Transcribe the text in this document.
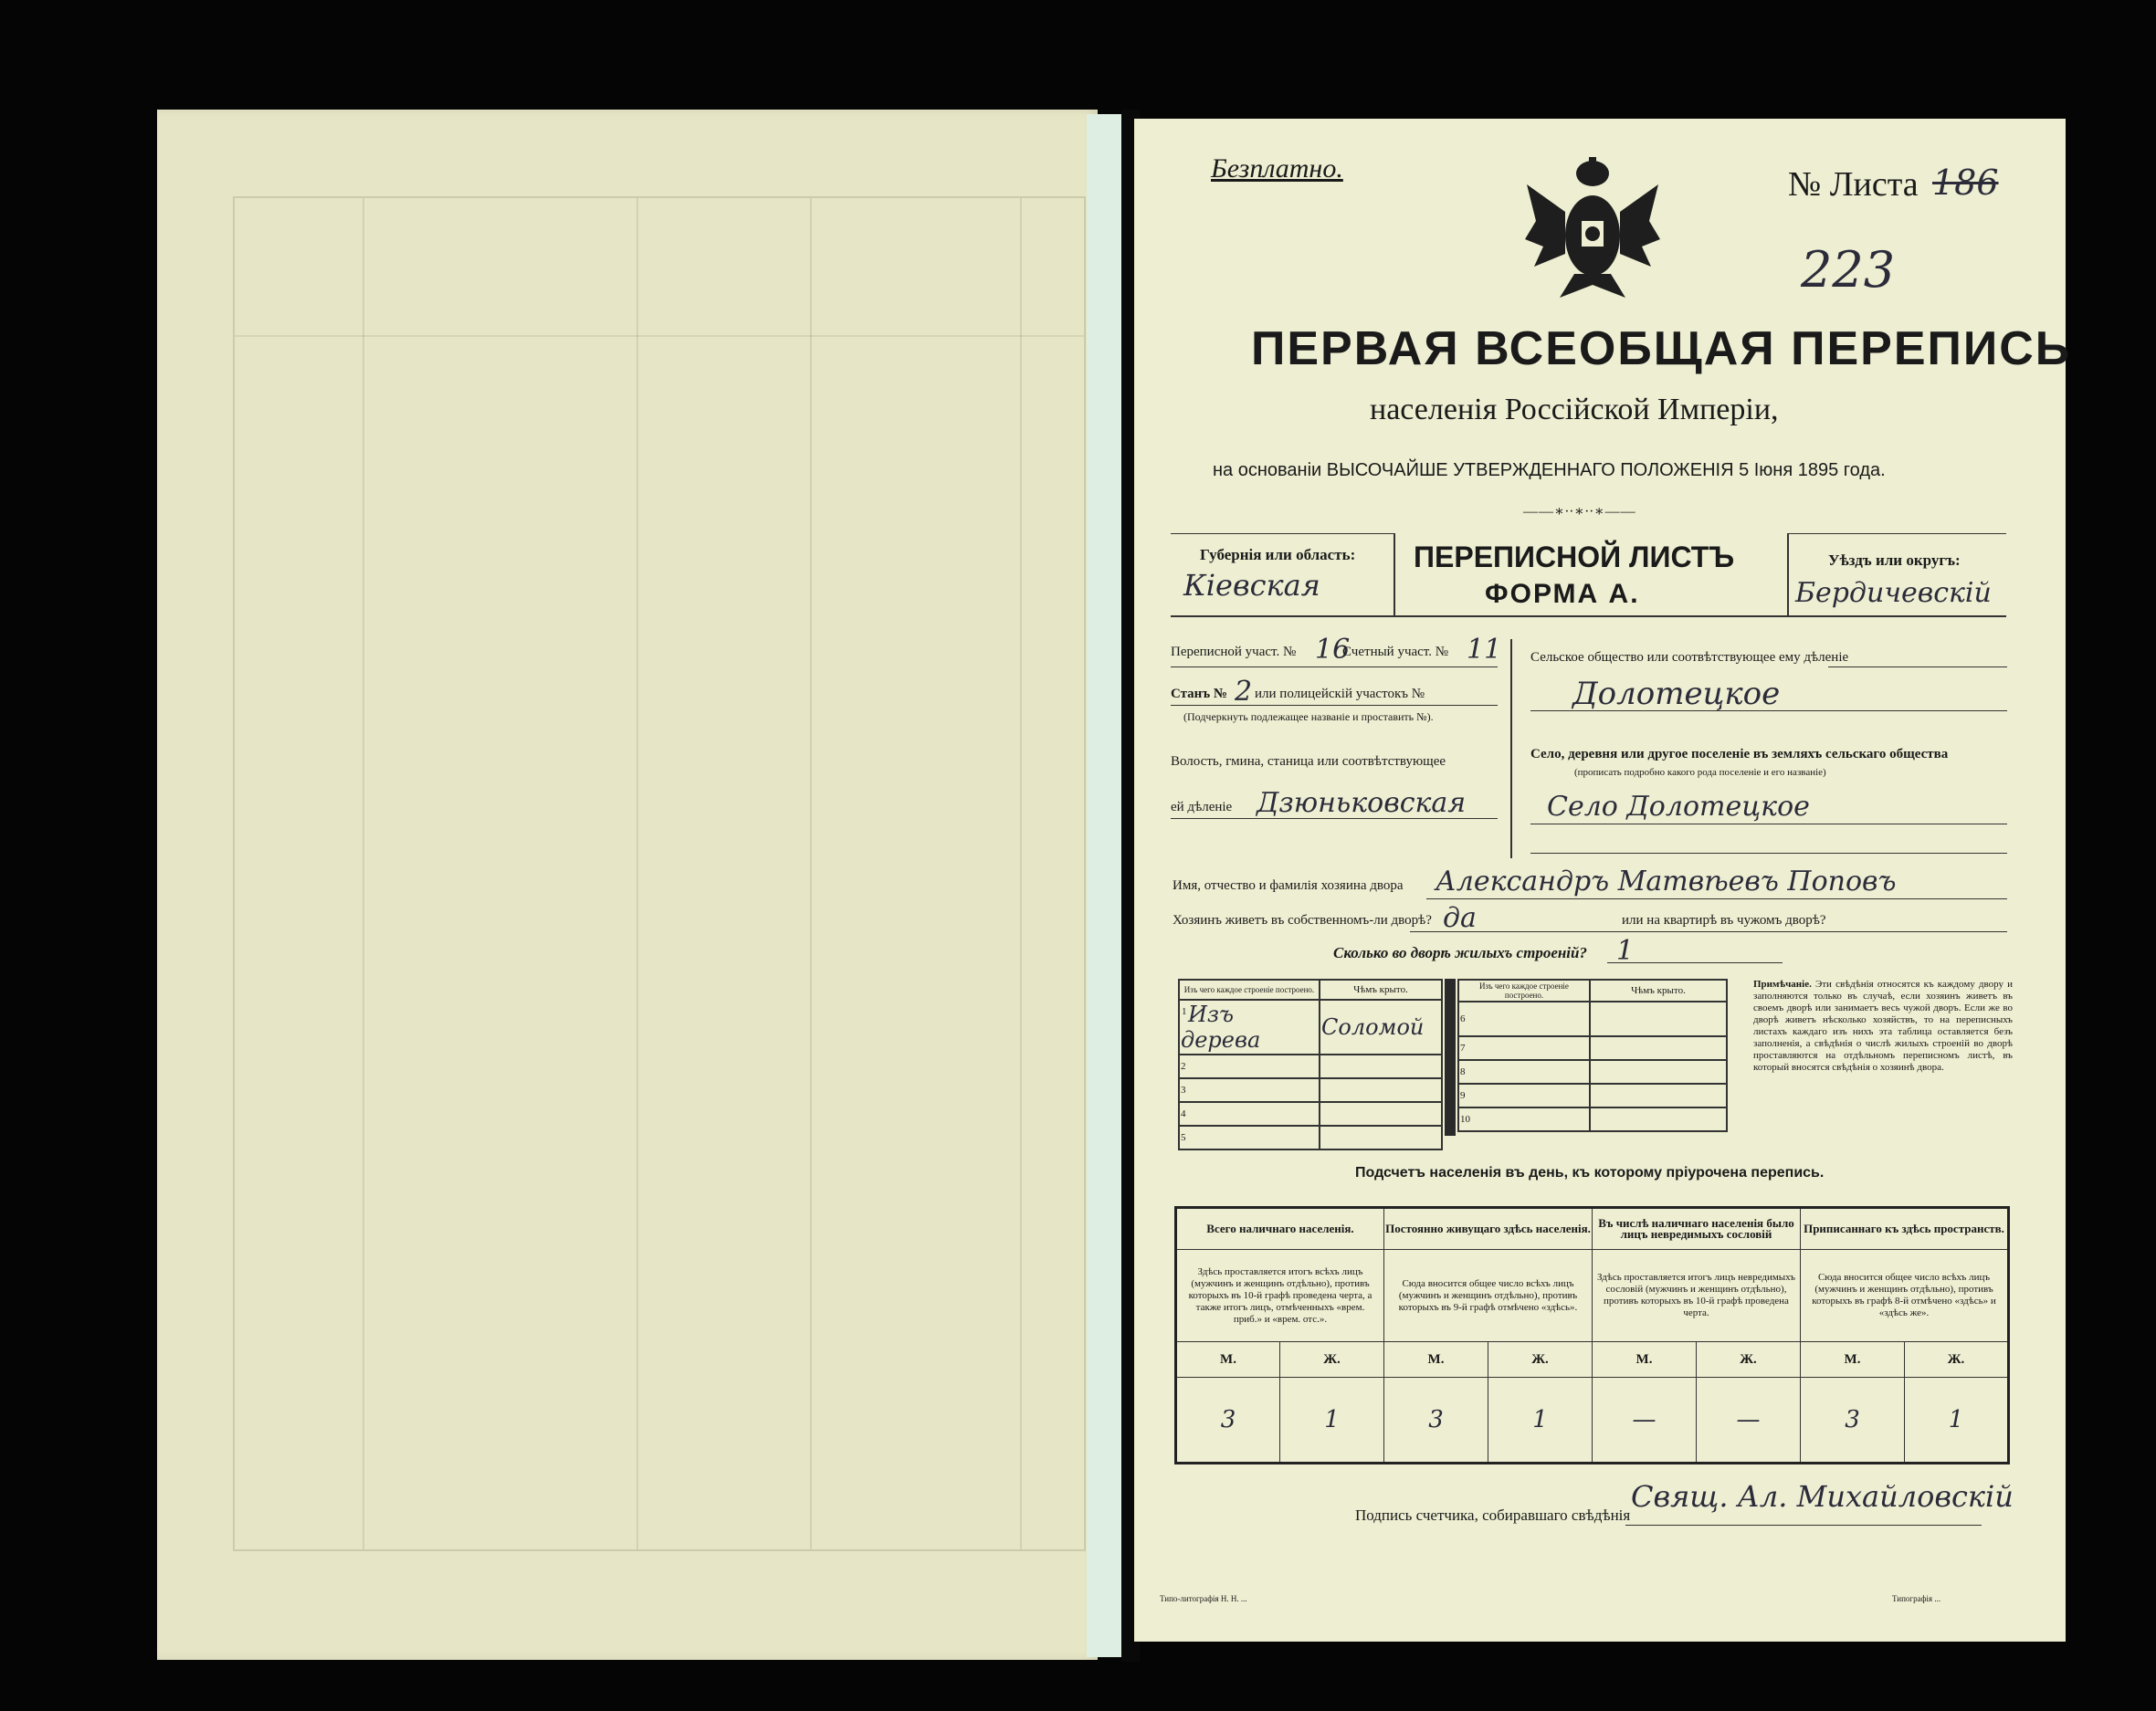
Безплатно.	№ Листа 186
223
ПЕРВАЯ ВСЕОБЩАЯ ПЕРЕПИСЬ
населенія Россійской Имперіи,
на основаніи ВЫСОЧАЙШЕ УТВЕРЖДЕННАГО ПОЛОЖЕНІЯ 5 Іюня 1895 года.
——∗∙∙∗∙∙∗——
Губернія или область:
Кіевская
ПЕРЕПИСНОЙ ЛИСТЪ
ФОРМА А.
Уѣздъ или округъ:
Бердичевскій
Переписной участ. № 16
Счетный участ. № 11
Станъ № 2 или полицейскій участокъ №
(Подчеркнуть подлежащее названіе и проставить №).
Волость, гмина, станица или соотвѣтствующее
ей дѣленіе Дзюньковская
Сельское общество или соотвѣтствующее ему дѣленіе
Долотецкое
Село, деревня или другое поселеніе въ земляхъ сельскаго общества
(прописать подробно какого рода поселеніе и его названіе)
Село Долотецкое
Имя, отчество и фамилія хозяина двора Александръ Матвѣевъ Поповъ
Хозяинъ живетъ въ собственномъ-ли дворѣ? да	или на квартирѣ въ чужомъ дворѣ?
Сколько во дворѣ жилыхъ строеній? 1
Изъ чего каждое строеніе построено.	Чѣмъ крыто.

1 Изъ дерева	Соломой
2	
3	
4	
5	
Изъ чего каждое строеніе построено.	Чѣмъ крыто.
6	
7	
8	
9	
10	
Примѣчаніе. Эти свѣдѣнія относятся къ каждому двору и заполняются только въ случаѣ, если хозяинъ живетъ въ своемъ дворѣ или занимаетъ весь чужой дворъ. Если же во дворѣ живетъ нѣсколько хозяйствъ, то на переписныхъ листахъ каждаго изъ нихъ эта таблица оставляется безъ заполненія, а свѣдѣнія о числѣ жилыхъ строеній во дворѣ проставляются на отдѣльномъ переписномъ листѣ, въ который вносятся свѣдѣнія о хозяинѣ двора.
Подсчетъ населенія въ день, къ которому пріурочена перепись.
Всего наличнаго населенія.		Постоянно живущаго здѣсь населенія.		Въ числѣ наличнаго населенія было лицъ невредимыхъ сословій		Приписаннаго къ здѣсь пространств.	
Здѣсь проставляется итогъ всѣхъ лицъ (мужчинъ и женщинъ отдѣльно), противъ которыхъ въ 10-й графѣ проведена черта, а также итогъ лицъ, отмѣченныхъ «врем. приб.» и «врем. отс.».		Сюда вносится общее число всѣхъ лицъ (мужчинъ и женщинъ отдѣльно), противъ которыхъ въ 9-й графѣ отмѣчено «здѣсь».		Здѣсь проставляется итогъ лицъ невредимыхъ сословій (мужчинъ и женщинъ отдѣльно), противъ которыхъ въ 10-й графѣ проведена черта.		Сюда вносится общее число всѣхъ лицъ (мужчинъ и женщинъ отдѣльно), противъ которыхъ въ графѣ 8-й отмѣчено «здѣсь» и «здѣсь же».	
М.	Ж.	М.	Ж.	М.	Ж.	М.	Ж.
3	1	3	1	—	—	3	1
Подпись счетчика, собиравшаго свѣдѣнія
Свящ. Ал. Михайловскій
Типо-литографія Н. Н. ...	Типографія ...
